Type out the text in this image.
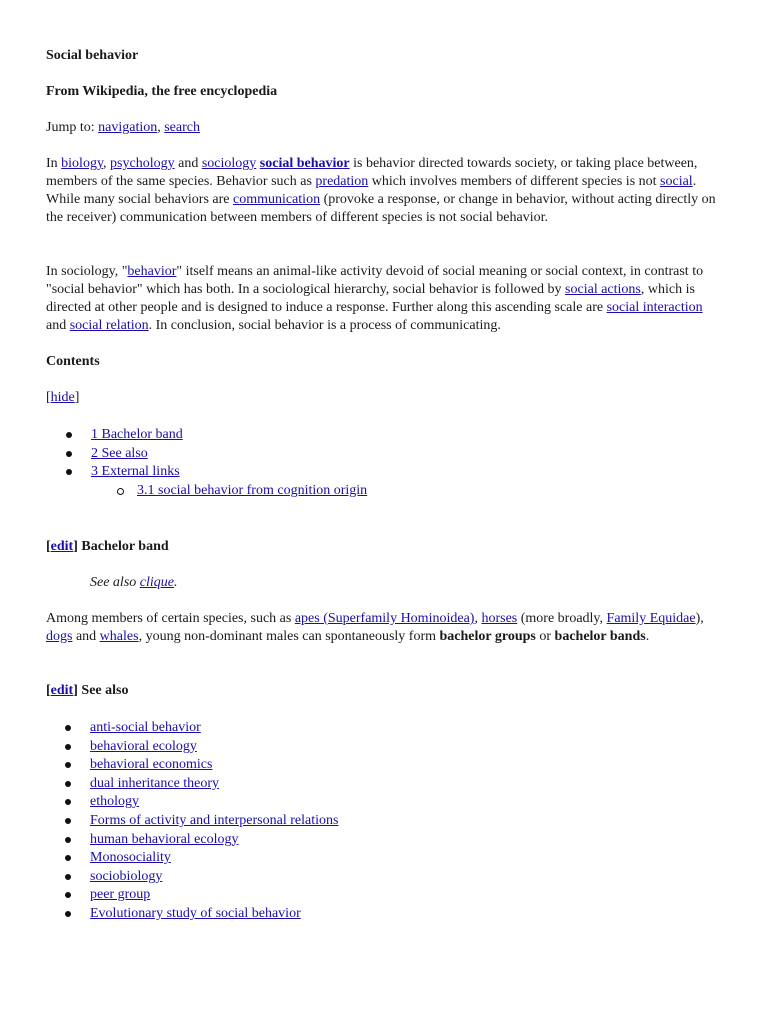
Social behavior

From Wikipedia, the free encyclopedia

Jump to: navigation, search

In biology, psychology and sociology social behavior is behavior directed towards society, or taking place between, members of the same species. Behavior such as predation which involves members of different species is not social. While many social behaviors are communication (provoke a response, or change in behavior, without acting directly on the receiver) communication between members of different species is not social behavior.

In sociology, "behavior" itself means an animal-like activity devoid of social meaning or social context, in contrast to "social behavior" which has both. In a sociological hierarchy, social behavior is followed by social actions, which is directed at other people and is designed to induce a response. Further along this ascending scale are social interaction and social relation. In conclusion, social behavior is a process of communicating.

Contents

[hide]

1 Bachelor band
2 See also
3 External links
3.1 social behavior from cognition origin

[edit] Bachelor band

See also clique.

Among members of certain species, such as apes (Superfamily Hominoidea), horses (more broadly, Family Equidae), dogs and whales, young non-dominant males can spontaneously form bachelor groups or bachelor bands.

[edit] See also

anti-social behavior
behavioral ecology
behavioral economics
dual inheritance theory
ethology
Forms of activity and interpersonal relations
human behavioral ecology
Monosociality
sociobiology
peer group
Evolutionary study of social behavior
